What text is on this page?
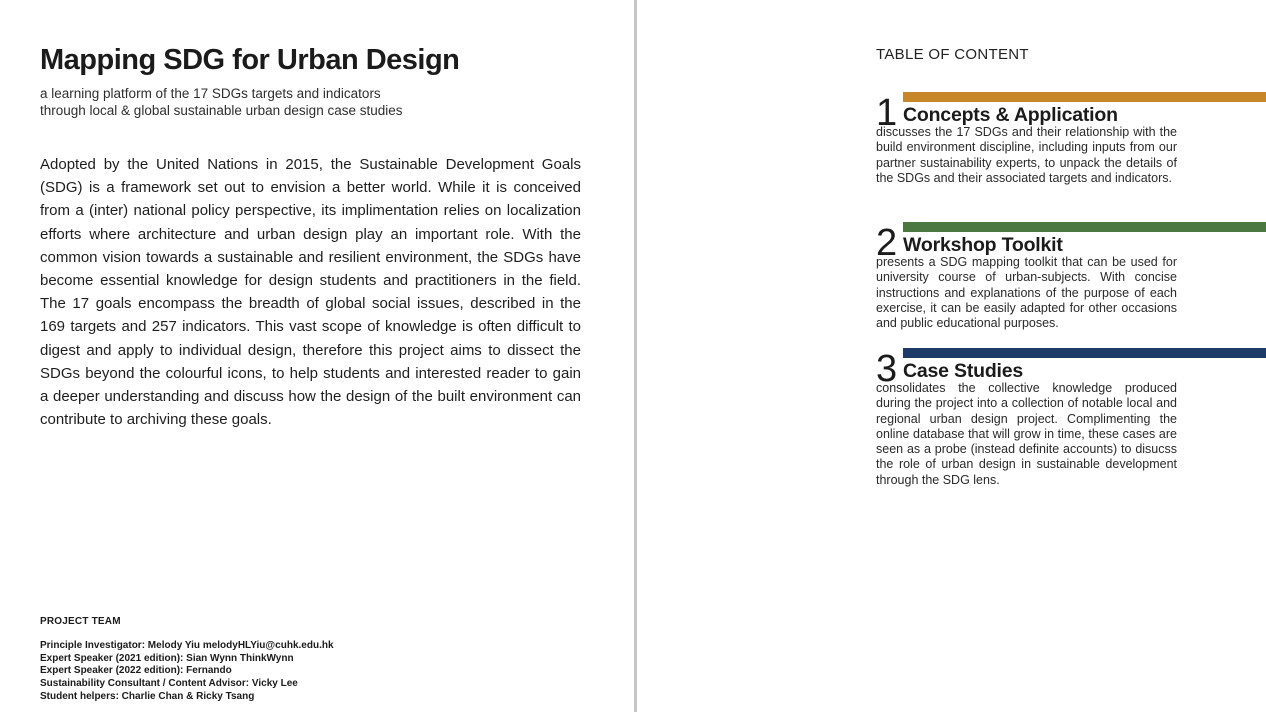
Mapping SDG for Urban Design
a learning platform of the 17 SDGs targets and indicators
through local & global sustainable urban design case studies

Adopted by the United Nations in 2015, the Sustainable Development Goals (SDG) is a framework set out to envision a better world. While it is conceived from a (inter) national policy perspective, its implimentation relies on localization efforts where architecture and urban design play an important role. With the common vision towards a sustainable and resilient environment, the SDGs have become essential knowledge for design students and practitioners in the field. The 17 goals encompass the breadth of global social issues, described in the 169 targets and 257 indicators. This vast scope of knowledge is often difficult to digest and apply to individual design, therefore this project aims to dissect the SDGs beyond the colourful icons, to help students and interested reader to gain a deeper understanding and discuss how the design of the built environment can contribute to archiving these goals.

PROJECT TEAM
Principle Investigator: Melody Yiu melodyHLYiu@cuhk.edu.hk
Expert Speaker (2021 edition): Sian Wynn ThinkWynn
Expert Speaker (2022 edition): Fernando
Sustainability Consultant / Content Advisor: Vicky Lee
Student helpers: Charlie Chan & Ricky Tsang
TABLE OF CONTENT
1 Concepts & Application

discusses the 17 SDGs and their relationship with the build environment discipline, including inputs from our partner sustainability experts, to unpack the details of the SDGs and their associated targets and indicators.

2 Workshop Toolkit

presents a SDG mapping toolkit that can be used for university course of urban-subjects. With concise instructions and explanations of the purpose of each exercise, it can be easily adapted for other occasions and public educational purposes.

3 Case Studies

consolidates the collective knowledge produced during the project into a collection of notable local and regional urban design project. Complimenting the online database that will grow in time, these cases are seen as a probe (instead definite accounts) to disucss the role of urban design in sustainable development through the SDG lens.
